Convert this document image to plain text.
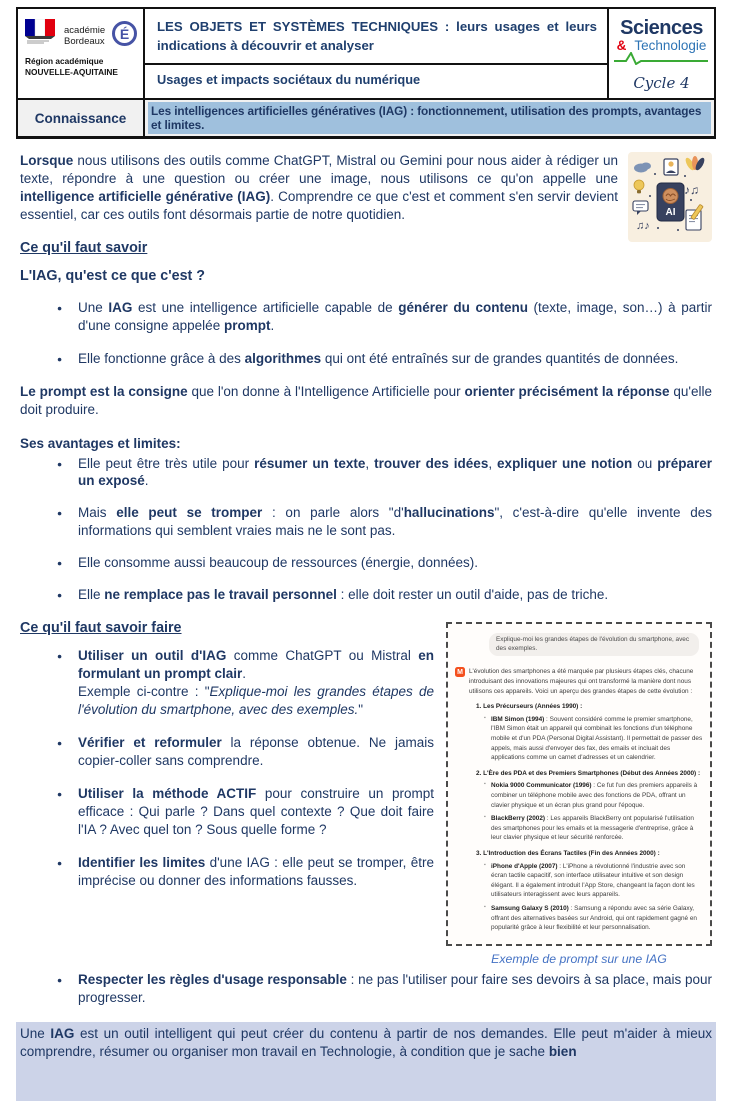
académie
Bordeaux	É
Région académique
NOUVELLE-AQUITAINE
LES OBJETS ET SYSTÈMES TECHNIQUES : leurs usages et leurs indications à découvrir et analyser
Sciences
& Technologie
Cycle 4
Usages et impacts sociétaux du numérique
Connaissance	Les intelligences artificielles génératives (IAG) : fonctionnement, utilisation des prompts, avantages et limites.
♪♫
♫♪
AI

Lorsque nous utilisons des outils comme ChatGPT, Mistral ou Gemini pour nous aider à rédiger un texte, répondre à une question ou créer une image, nous utilisons ce qu'on appelle une intelligence artificielle générative (IAG). Comprendre ce que c'est et comment s'en servir devient essentiel, car ces outils font désormais partie de notre quotidien.

Ce qu'il faut savoir
L'IAG, qu'est ce que c'est ?
● Une IAG est une intelligence artificielle capable de générer du contenu (texte, image, son…) à partir d'une consigne appelée prompt.
● Elle fonctionne grâce à des algorithmes qui ont été entraînés sur de grandes quantités de données.

Le prompt est la consigne que l'on donne à l'Intelligence Artificielle pour orienter précisément la réponse qu'elle doit produire.

Ses avantages et limites:
● Elle peut être très utile pour résumer un texte, trouver des idées, expliquer une notion ou préparer un exposé.
● Mais elle peut se tromper : on parle alors "d'hallucinations", c'est-à-dire qu'elle invente des informations qui semblent vraies mais ne le sont pas.
● Elle consomme aussi beaucoup de ressources (énergie, données).
● Elle ne remplace pas le travail personnel : elle doit rester un outil d'aide, pas de triche.
Explique-moi les grandes étapes de l'évolution du smartphone, avec des exemples.
M L'évolution des smartphones a été marquée par plusieurs étapes clés, chacune introduisant des innovations majeures qui ont transformé la manière dont nous utilisons ces appareils. Voici un aperçu des grandes étapes de cette évolution :
1. Les Précurseurs (Années 1990) :
▪ IBM Simon (1994) : Souvent considéré comme le premier smartphone, l'IBM Simon était un appareil qui combinait les fonctions d'un téléphone mobile et d'un PDA (Personal Digital Assistant). Il permettait de passer des appels, mais aussi d'envoyer des fax, des emails et incluait des applications comme un carnet d'adresses et un calendrier.
2. L'Ère des PDA et des Premiers Smartphones (Début des Années 2000) :
▪ Nokia 9000 Communicator (1996) : Ce fut l'un des premiers appareils à combiner un téléphone mobile avec des fonctions de PDA, offrant un clavier physique et un écran plus grand pour l'époque.
▪ BlackBerry (2002) : Les appareils BlackBerry ont popularisé l'utilisation des smartphones pour les emails et la messagerie d'entreprise, grâce à leur clavier physique et leur sécurité renforcée.
3. L'Introduction des Écrans Tactiles (Fin des Années 2000) :
▪ iPhone d'Apple (2007) : L'iPhone a révolutionné l'industrie avec son écran tactile capacitif, son interface utilisateur intuitive et son design élégant. Il a également introduit l'App Store, changeant la façon dont les utilisateurs interagissent avec leurs appareils.
▪ Samsung Galaxy S (2010) : Samsung a répondu avec sa série Galaxy, offrant des alternatives basées sur Android, qui ont rapidement gagné en popularité grâce à leur flexibilité et leur personnalisation.
Exemple de prompt sur une IAG
Ce qu'il faut savoir faire
● Utiliser un outil d'IAG comme ChatGPT ou Mistral en formulant un prompt clair.
Exemple ci-contre : "Explique-moi les grandes étapes de l'évolution du smartphone, avec des exemples."
● Vérifier et reformuler la réponse obtenue. Ne jamais copier-coller sans comprendre.
● Utiliser la méthode ACTIF pour construire un prompt efficace : Qui parle ? Dans quel contexte ? Que doit faire l'IA ? Avec quel ton ? Sous quelle forme ?
● Identifier les limites d'une IAG : elle peut se tromper, être imprécise ou donner des informations fausses.
● Respecter les règles d'usage responsable : ne pas l'utiliser pour faire ses devoirs à sa place, mais pour progresser.
Une IAG est un outil intelligent qui peut créer du contenu à partir de nos demandes. Elle peut m'aider à mieux comprendre, résumer ou organiser mon travail en Technologie, à condition que je sache bien
